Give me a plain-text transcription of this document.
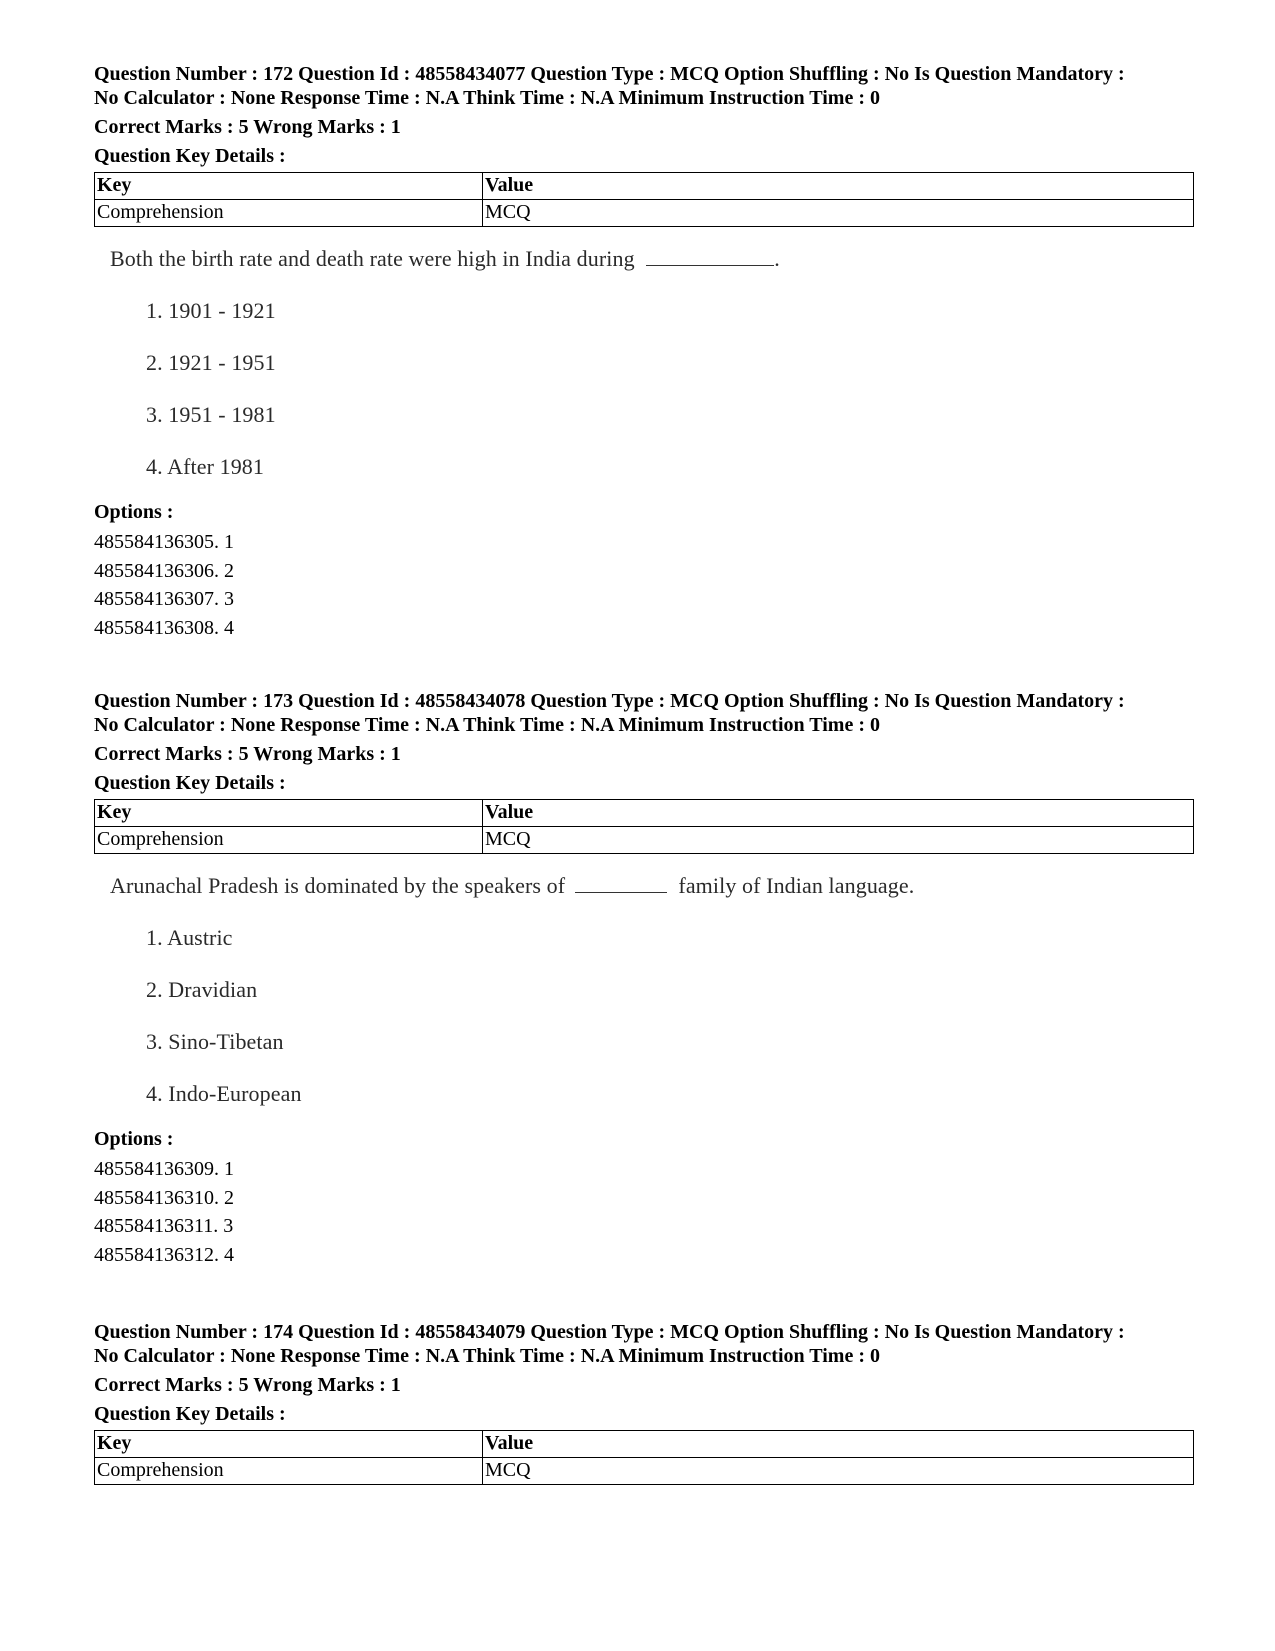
Question Number : 172 Question Id : 48558434077 Question Type : MCQ Option Shuffling : No Is Question Mandatory :
No Calculator : None Response Time : N.A Think Time : N.A Minimum Instruction Time : 0
Correct Marks : 5 Wrong Marks : 1
Question Key Details :
Key	Value
Comprehension	MCQ
Both the birth rate and death rate were high in India during	.
1. 1901 - 1921
2. 1921 - 1951
3. 1951 - 1981
4. After 1981
Options :
485584136305. 1
485584136306. 2
485584136307. 3
485584136308. 4
Question Number : 173 Question Id : 48558434078 Question Type : MCQ Option Shuffling : No Is Question Mandatory :
No Calculator : None Response Time : N.A Think Time : N.A Minimum Instruction Time : 0
Correct Marks : 5 Wrong Marks : 1
Question Key Details :
Key	Value
Comprehension	MCQ
Arunachal Pradesh is dominated by the speakers of	family of Indian language.
1. Austric
2. Dravidian
3. Sino-Tibetan
4. Indo-European
Options :
485584136309. 1
485584136310. 2
485584136311. 3
485584136312. 4
Question Number : 174 Question Id : 48558434079 Question Type : MCQ Option Shuffling : No Is Question Mandatory :
No Calculator : None Response Time : N.A Think Time : N.A Minimum Instruction Time : 0
Correct Marks : 5 Wrong Marks : 1
Question Key Details :
Key	Value
Comprehension	MCQ
